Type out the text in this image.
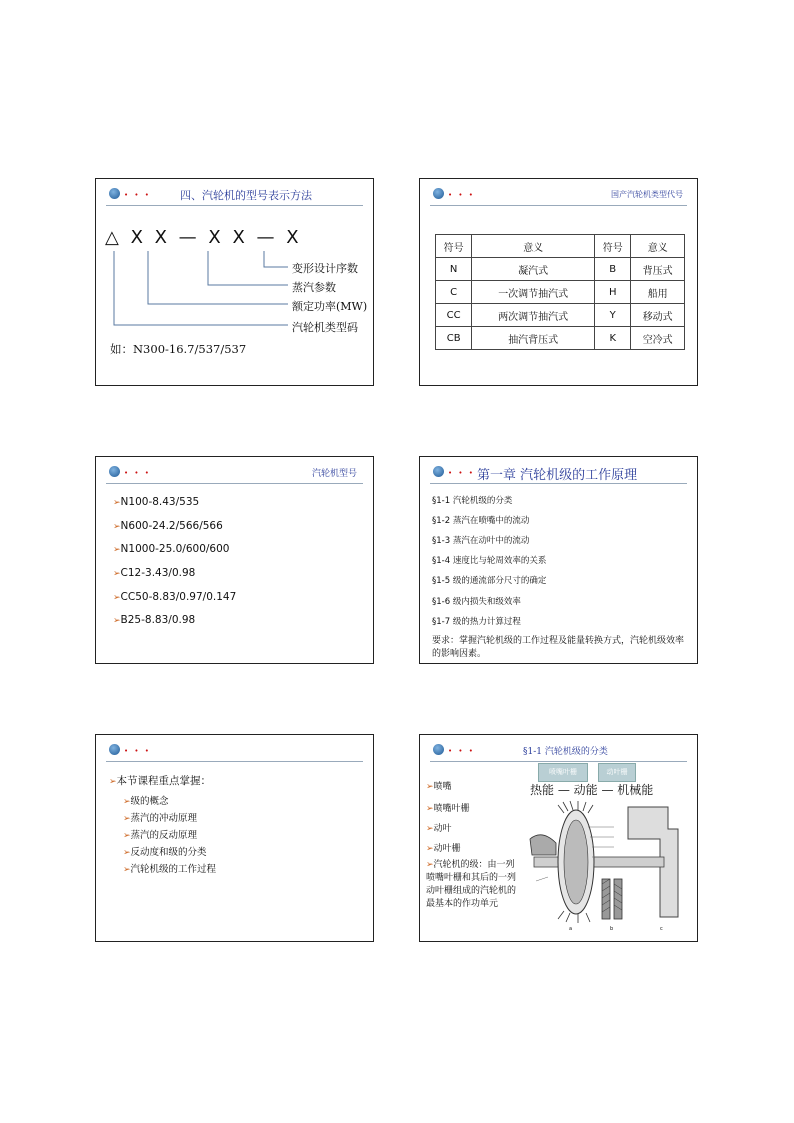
• • •	四、汽轮机的型号表示方法
△ X X — X X — X
变形设计序数
蒸汽参数
额定功率(MW)
汽轮机类型码
如：N300-16.7/537/537
• • •	国产汽轮机类型代号
符号	意义	符号	意义
N	凝汽式	B	背压式
C	一次调节抽汽式	H	船用
CC	两次调节抽汽式	Y	移动式
CB	抽汽背压式	K	空冷式
• • •	汽轮机型号
➢N100-8.43/535
➢N600-24.2/566/566
➢N1000-25.0/600/600
➢C12-3.43/0.98
➢CC50-8.83/0.97/0.147
➢B25-8.83/0.98
• • • 第一章 汽轮机级的工作原理
§1-1 汽轮机级的分类
§1-2 蒸汽在喷嘴中的流动
§1-3 蒸汽在动叶中的流动
§1-4 速度比与轮周效率的关系
§1-5 级的通流部分尺寸的确定
§1-6 级内损失和级效率
§1-7 级的热力计算过程
要求：掌握汽轮机级的工作过程及能量转换方式，汽轮机级效率的影响因素。
• • •
➢本节课程重点掌握：
➢级的概念
➢蒸汽的冲动原理
➢蒸汽的反动原理
➢反动度和级的分类
➢汽轮机级的工作过程
• • •	§1-1 汽轮机级的分类
➢喷嘴
➢喷嘴叶栅
➢动叶
➢动叶栅
➢汽轮机的级：由一列喷嘴叶栅和其后的一列动叶栅组成的汽轮机的最基本的作功单元
喷嘴叶栅	动叶栅
热能 — 动能 — 机械能
a	b	c
